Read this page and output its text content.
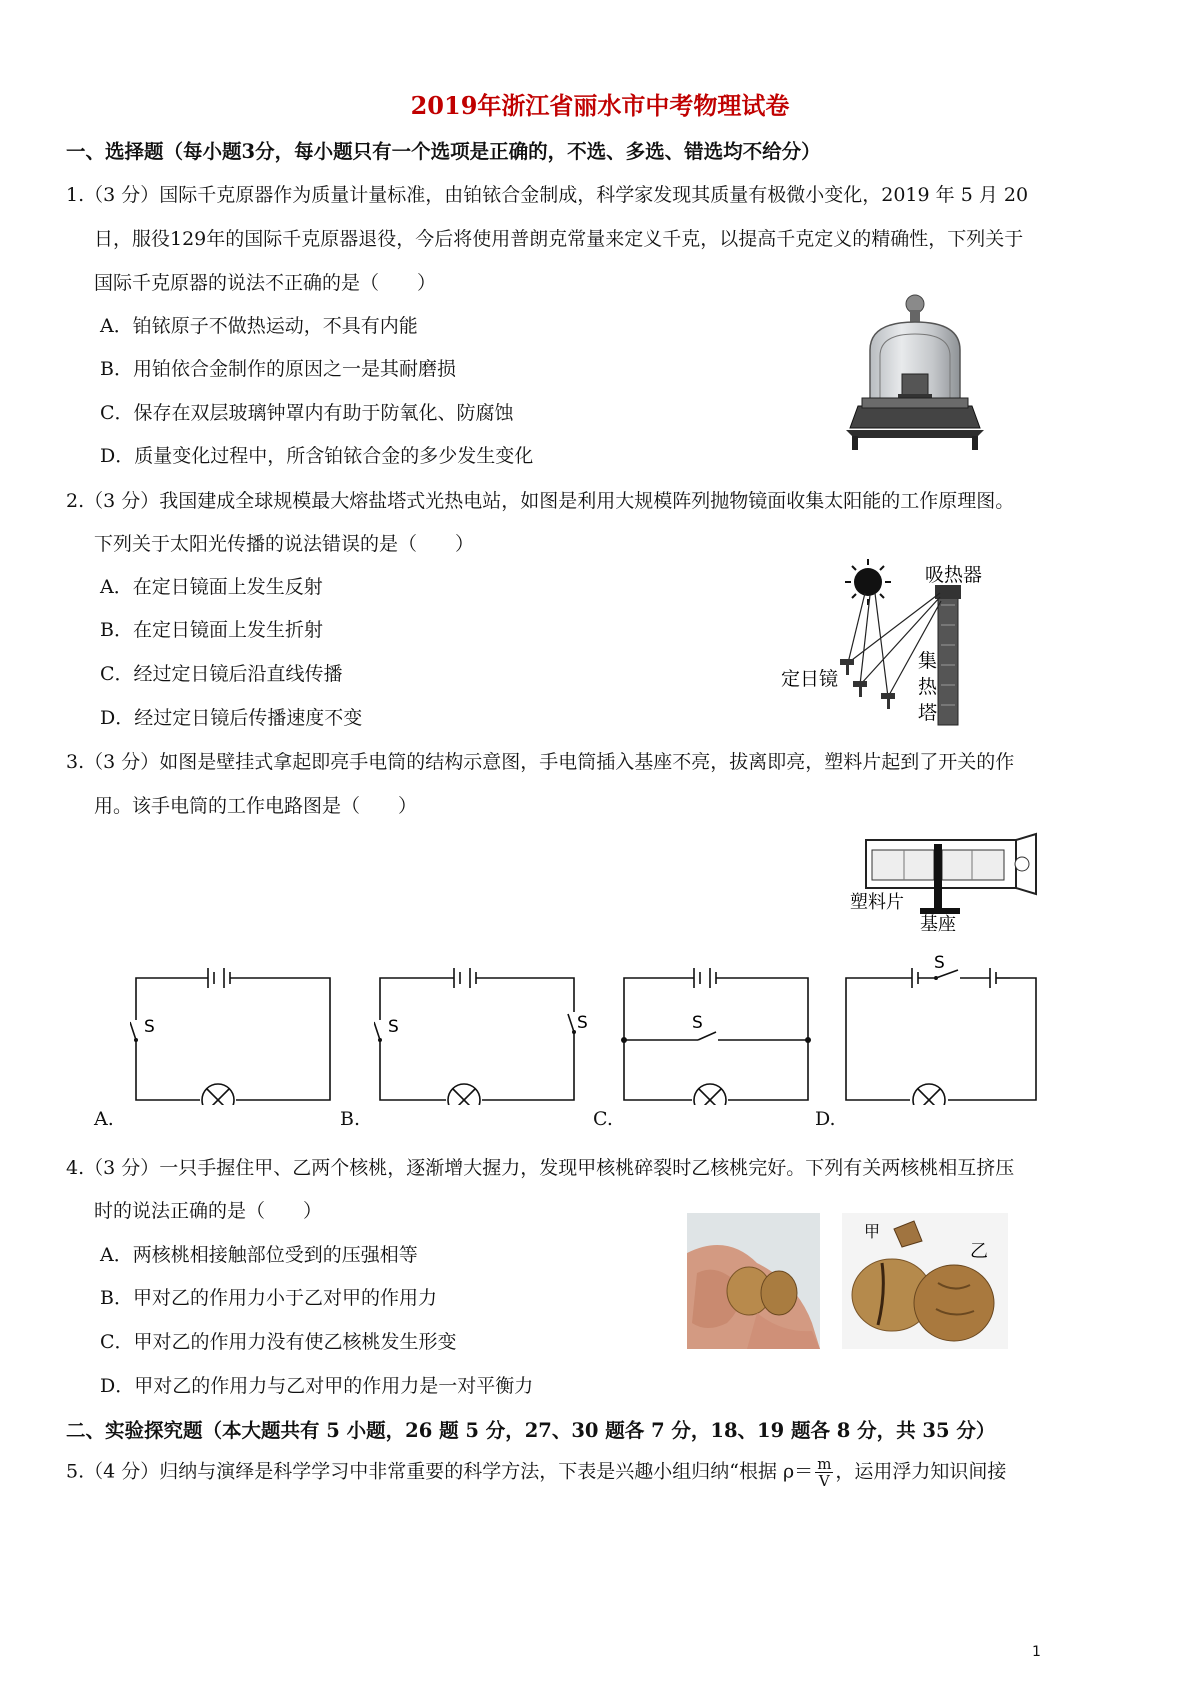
2019年浙江省丽水市中考物理试卷
一、选择题（每小题3分，每小题只有一个选项是正确的，不选、多选、错选均不给分）
1.（3 分）国际千克原器作为质量计量标准，由铂铱合金制成，科学家发现其质量有极微小变化，2019 年 5 月 20
日，服役129年的国际千克原器退役，今后将使用普朗克常量来定义千克，以提高千克定义的精确性，下列关于
国际千克原器的说法不正确的是（　　）
A．铂铱原子不做热运动，不具有内能
B．用铂依合金制作的原因之一是其耐磨损
C．保存在双层玻璃钟罩内有助于防氧化、防腐蚀
D．质量变化过程中，所含铂铱合金的多少发生变化
2.（3 分）我国建成全球规模最大熔盐塔式光热电站，如图是利用大规模阵列抛物镜面收集太阳能的工作原理图。
下列关于太阳光传播的说法错误的是（　　）
A．在定日镜面上发生反射
B．在定日镜面上发生折射
C．经过定日镜后沿直线传播
D．经过定日镜后传播速度不变
吸热器
定日镜
集
热
塔
3.（3 分）如图是壁挂式拿起即亮手电筒的结构示意图，手电筒插入基座不亮，拔离即亮，塑料片起到了开关的作
用。该手电筒的工作电路图是（　　）
塑料片
基座
S
A.
S	S
B.
S
C.
S
D.
4.（3 分）一只手握住甲、乙两个核桃，逐渐增大握力，发现甲核桃碎裂时乙核桃完好。下列有关两核桃相互挤压
时的说法正确的是（　　）
A．两核桃相接触部位受到的压强相等
B．甲对乙的作用力小于乙对甲的作用力
C．甲对乙的作用力没有使乙核桃发生形变
D．甲对乙的作用力与乙对甲的作用力是一对平衡力
甲
乙
二、实验探究题（本大题共有 5 小题，26 题 5 分，27、30 题各 7 分，18、19 题各 8 分，共 35 分）
5.（4 分）归纳与演绎是科学学习中非常重要的科学方法，下表是兴趣小组归纳“根据 $\rho= \frac{m}{V}$ ，运用浮力知识间接
1
